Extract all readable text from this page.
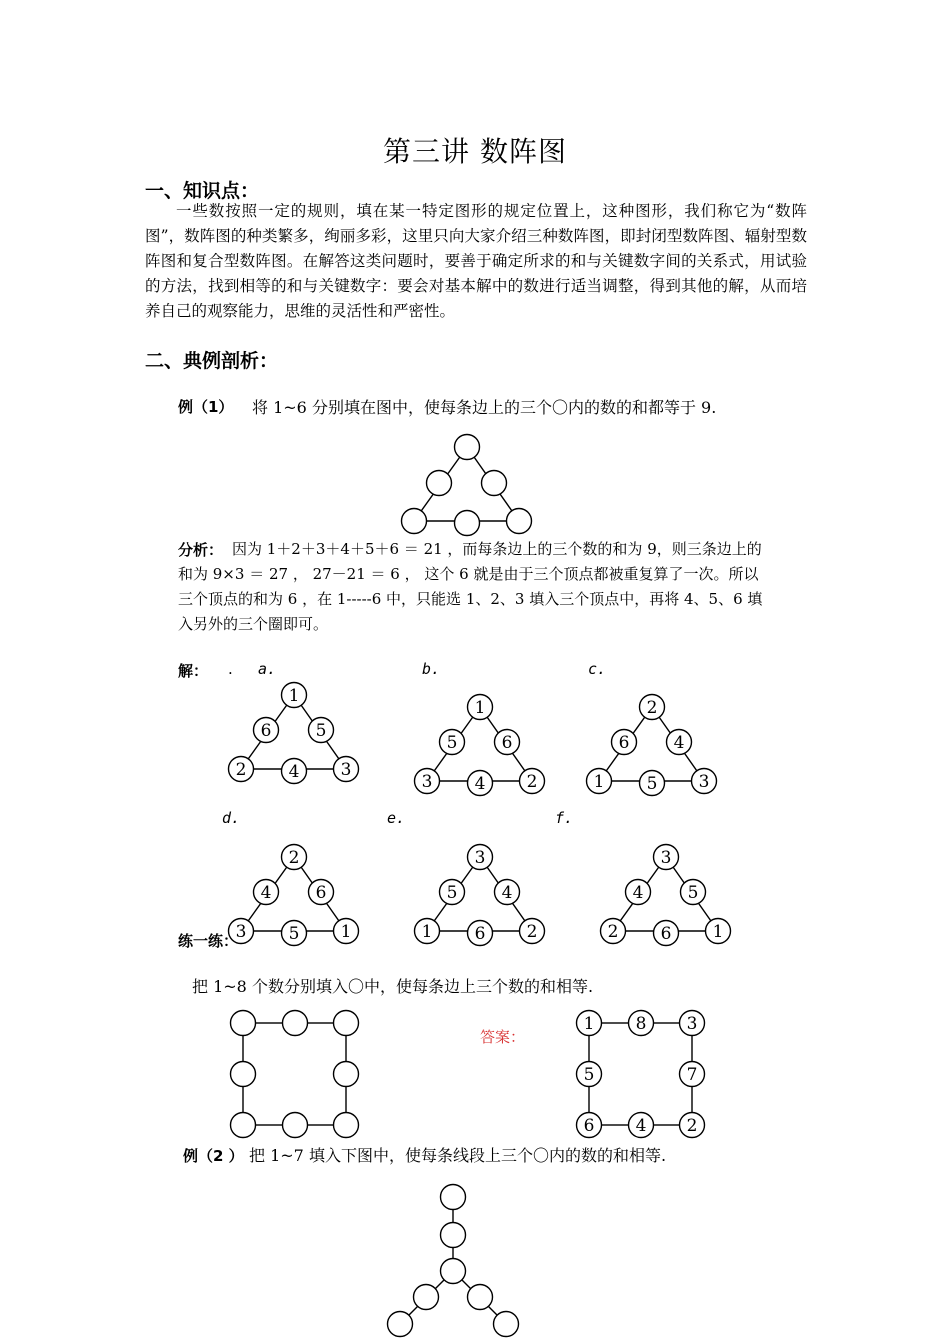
第三讲 数阵图
一、知识点：

一些数按照一定的规则，填在某一特定图形的规定位置上，这种图形，我们称它为“数阵图”，数阵图的种类繁多，绚丽多彩，这里只向大家介绍三种数阵图，即封闭型数阵图、辐射型数阵图和复合型数阵图。在解答这类问题时，要善于确定所求的和与关键数字间的关系式，用试验的方法，找到相等的和与关键数字：要会对基本解中的数进行适当调整，得到其他的解，从而培养自己的观察能力，思维的灵活性和严密性。

二、典例剖析：
例（1） 将 1~6 分别填在图中，使每条边上的三个〇内的数的和都等于 9.
分析： 因为 1＋2＋3＋4＋5＋6 ＝ 21 ，而每条边上的三个数的和为 9，则三条边上的
和为 9×3 ＝ 27 ， 27－21 ＝ 6 ， 这个 6 就是由于三个顶点都被重复算了一次。所以
三个顶点的和为 6 ，在 1-----6 中，只能选 1、2、3 填入三个顶点中，再将 4、5、6 填
入另外的三个圈即可。
解： . a.	b.	c.
d.	e.	f.
1
6	5
2 4 3
1
5	6
3 4 2
2
6	4
1 5 3
2
4	6
3 5 1
3
5	4
1 6 2
3
4	5
2 6 1
练一练：
把 1~8 个数分别填入〇中，使每条边上三个数的和相等.
答案：
1 8 3
5	7
6 4 2
例（2 ） 把 1~7 填入下图中，使每条线段上三个〇内的数的和相等.
